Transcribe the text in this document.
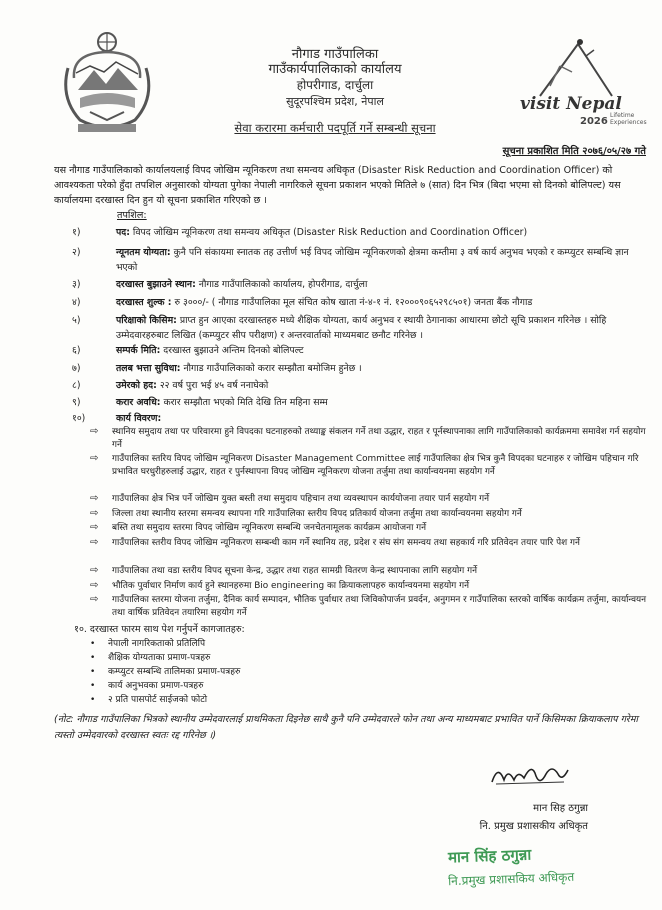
नौगाड गाउँपालिका
गाउँकार्यपालिकाको कार्यालय
होपरीगाड, दार्चुला
सुदूरपश्चिम प्रदेश, नेपाल
सेवा करारमा कर्मचारी पदपूर्ति गर्ने सम्बन्धी सूचना
visit Nepal
2026
Lifetime Experiences
सूचना प्रकाशित मिति २०७६/०५/२७ गते
यस नौगाड गाउँपालिकाको कार्यालयलाई विपद जोखिम न्यूनिकरण तथा समन्वय अधिकृत (Disaster Risk Reduction and Coordination Officer) को आवश्यकता परेको हुँदा तपशिल अनुसारको योग्यता पुगेका नेपाली नागरिकले सूचना प्रकाशन भएको मितिले ७ (सात) दिन भित्र (बिदा भएमा सो दिनको बोलिपल्ट) यस कार्यालयमा दरखास्त दिन हुन यो सूचना प्रकाशित गरिएको छ ।
तपशिल:
१)	पद: विपद जोखिम न्यूनिकरण तथा समन्वय अधिकृत (Disaster Risk Reduction and Coordination Officer)
२)	न्यूनतम योग्यता: कुनै पनि संकायमा स्नातक तह उत्तीर्ण भई विपद जोखिम न्यूनिकरणको क्षेत्रमा कम्तीमा ३ वर्ष कार्य अनुभव भएको र कम्प्युटर सम्बन्धि ज्ञान भएको
३)	दरखास्त बुझाउने स्थान: नौगाड गाउँपालिकाको कार्यालय, होपरीगाड, दार्चुला
४)	दरखास्त शुल्क : रु ३०००/- ( नौगाड गाउँपालिका मूल संचित कोष खाता नं-४-१ नं. १२०००९०६५२९८५०१) जनता बैंक नौगाड
५)	परिक्षाको किसिम: प्राप्त हुन आएका दरखास्तहरु मध्ये शैक्षिक योग्यता, कार्य अनुभव र स्थायी ठेगानाका आधारमा छोटो सूचि प्रकाशन गरिनेछ । सोहि उम्मेदवारहरुबाट लिखित (कम्प्युटर सीप परीक्षण) र अन्तरवार्ताको माध्यमबाट छनौट गरिनेछ ।
६)	सम्पर्क मिति: दरखास्त बुझाउने अन्तिम दिनको बोलिपल्ट
७)	तलब भत्ता सुविधा: नौगाड गाउँपालिकाको करार सम्झौता बमोजिम हुनेछ ।
८)	उमेरको हद: २२ वर्ष पुरा भई ४५ वर्ष ननाघेको
९)	करार अवधि: करार सम्झौता भएको मिति देखि तिन महिना सम्म
१०)	कार्य विवरण:
⇨ स्थानिय समुदाय तथा पर परिवारमा हुने विपदका घटनाहरुको तथ्याङ्क संकलन गर्ने तथा उद्धार, राहत र पूर्नस्थापनाका लागि गाउँपालिकाको कार्यक्रममा समावेश गर्न सहयोग गर्ने
⇨ गाउँपालिका स्तरिय विपद जोखिम न्यूनिकरण Disaster Management Committee लाई गाउँपालिका क्षेत्र भित्र कुनै विपदका घटनाहरु र जोखिम पहिचान गरि प्रभावित घरधुरीहरुलाई उद्धार, राहत र पुर्नस्थापना विपद जोखिम न्यूनिकरण योजना तर्जुमा तथा कार्यान्वयनमा सहयोग गर्ने
⇨ गाउँपालिका क्षेत्र भित्र पर्ने जोखिम युक्त बस्ती तथा समुदाय पहिचान तथा व्यवस्थापन कार्ययोजना तयार पार्न सहयोग गर्ने
⇨ जिल्ला तथा स्थानीय स्तरमा समन्वय स्थापना गरि गाउँपालिका स्तरीय विपद प्रतिकार्य योजना तर्जुमा तथा कार्यान्वयनमा सहयोग गर्ने
⇨ बस्ति तथा समुदाय स्तरमा विपद जोखिम न्यूनिकरण सम्बन्धि जनचेतनामूलक कार्यक्रम आयोजना गर्ने
⇨ गाउँपालिका स्तरीय विपद जोखिम न्यूनिकरण सम्बन्धी काम गर्ने स्थानिय तह, प्रदेश र संघ संग समन्वय तथा सहकार्य गरि प्रतिवेदन तयार पारि पेश गर्ने
⇨ गाउँपालिका तथा वडा स्तरीय विपद सूचना केन्द्र, उद्धार तथा राहत सामग्री वितरण केन्द्र स्थापनाका लागि सहयोग गर्ने
⇨ भौतिक पुर्वाधार निर्माण कार्य हुने स्थानहरुमा Bio engineering का क्रियाकलापहरु कार्यान्वयनमा सहयोग गर्ने
⇨ गाउँपालिका स्तरमा योजना तर्जुमा, दैनिक कार्य सम्पादन, भौतिक पुर्वाधार तथा जिविकोपार्जन प्रवर्दन, अनुगमन र गाउँपालिका स्तरको वार्षिक कार्यक्रम तर्जुमा, कार्यान्वयन तथा वार्षिक प्रतिवेदन तयारिमा सहयोग गर्ने
१०. दरखास्त फारम साथ पेश गर्नुपर्ने कागजातहरु:
• नेपाली नागरिकताको प्रतिलिपि
• शैक्षिक योग्यताका प्रमाण-पत्रहरु
• कम्प्युटर सम्बन्धि तालिमका प्रमाण-पत्रहरु
• कार्य अनुभवका प्रमाण-पत्रहरु
• २ प्रति पासपोर्ट साईजको फोटो
(नोट: नौगाड गाउँपालिका भित्रको स्थानीय उम्मेदवारलाई प्राथमिकता दिइनेछ साथै कुनै पनि उम्मेदवारले फोन तथा अन्य माध्यमबाट प्रभावित पार्ने किसिमका क्रियाकलाप गरेमा त्यस्तो उम्मेदवारको दरखास्त स्वतः रद्द गरिनेछ ।)
मान सिह ठगुन्ना
नि. प्रमुख प्रशासकीय अधिकृत
मान सिंह ठगुन्ना
नि.प्रमुख प्रशासकिय अधिकृत
